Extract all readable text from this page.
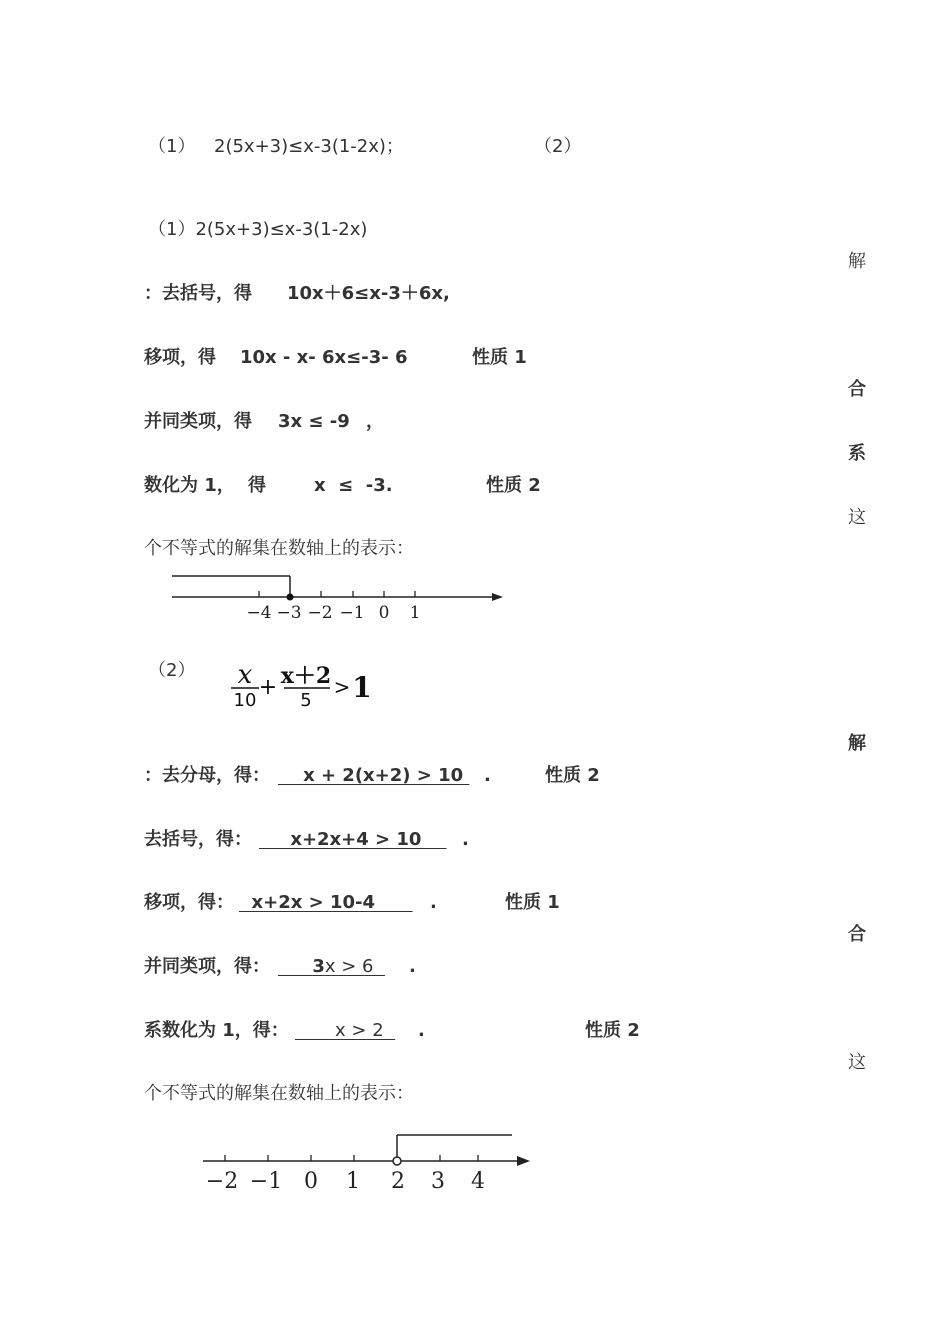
（1） 2(5x+3)≤x-3(1-2x)；	（2）
（1）2(5x+3)≤x-3(1-2x)
：去括号，得 10x＋6≤x-3＋6x,
移项，得 10x - x- 6x≤-3- 6	性质 1
并同类项，得 3x ≤ -9 ，
数化为 1， 得	x  ≤  -3.	性质 2
个不等式的解集在数轴上的表示：
−4 −3 −2 −1 0 1
（2） x
10
+ x＋2
5
> 1
：去分母，得： x + 2(x+2) > 10 .	性质 2
去括号，得： x+2x+4 > 10 .
移项，得： x+2x > 10-4 .	性质 1
并同类项，得：	3x > 6 .
系数化为 1，得： x > 2 .	性质 2
个不等式的解集在数轴上的表示：
−2 −1 0 1 2 3 4
解
合
系
这
解
合
这
